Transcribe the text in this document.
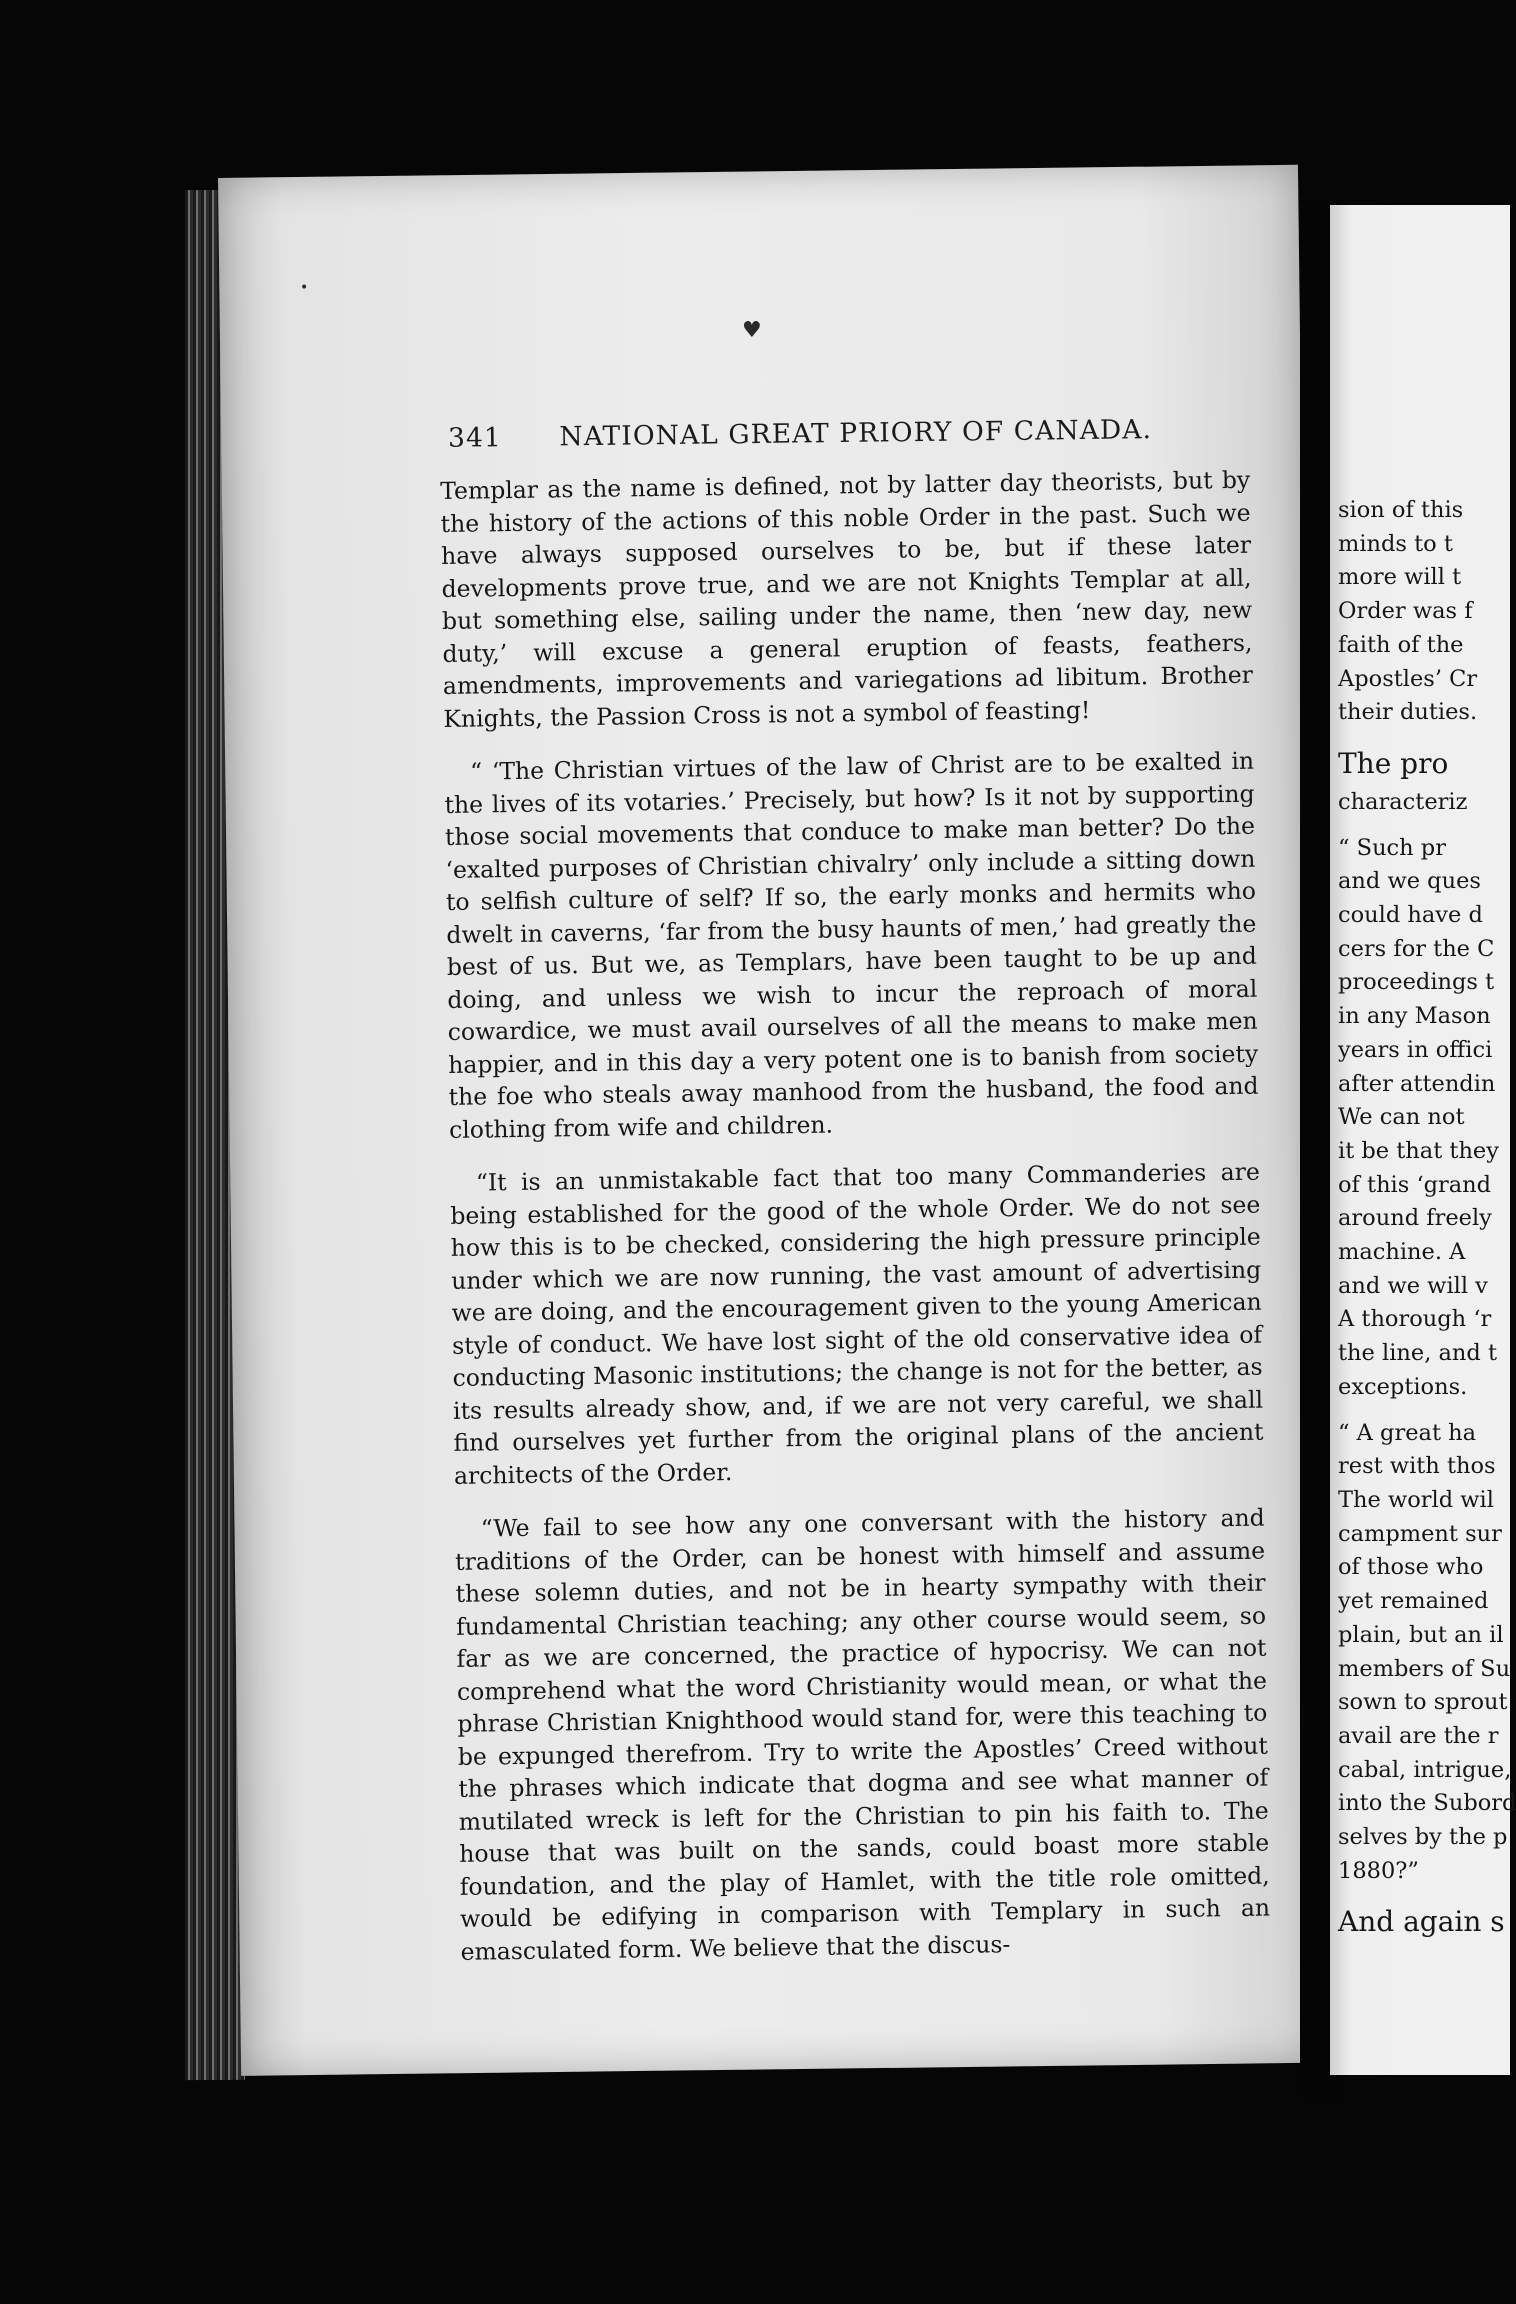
♥
•
341 NATIONAL GREAT PRIORY OF CANADA.

Templar as the name is defined, not by latter day theorists, but by the history of the actions of this noble Order in the past. Such we have always supposed ourselves to be, but if these later developments prove true, and we are not Knights Templar at all, but something else, sailing under the name, then ‘new day, new duty,’ will excuse a general eruption of feasts, feathers, amendments, improvements and variegations ad libitum. Brother Knights, the Passion Cross is not a symbol of feasting!

“ ‘The Christian virtues of the law of Christ are to be exalted in the lives of its votaries.’ Precisely, but how? Is it not by supporting those social movements that conduce to make man better? Do the ‘exalted purposes of Christian chivalry’ only include a sitting down to selfish culture of self? If so, the early monks and hermits who dwelt in caverns, ‘far from the busy haunts of men,’ had greatly the best of us. But we, as Templars, have been taught to be up and doing, and unless we wish to incur the reproach of moral cowardice, we must avail ourselves of all the means to make men happier, and in this day a very potent one is to banish from society the foe who steals away manhood from the husband, the food and clothing from wife and children.

“It is an unmistakable fact that too many Commanderies are being established for the good of the whole Order. We do not see how this is to be checked, considering the high pressure principle under which we are now running, the vast amount of advertising we are doing, and the encouragement given to the young American style of conduct. We have lost sight of the old conservative idea of conducting Masonic institutions; the change is not for the better, as its results already show, and, if we are not very careful, we shall find ourselves yet further from the original plans of the ancient architects of the Order.

“We fail to see how any one conversant with the history and traditions of the Order, can be honest with himself and assume these solemn duties, and not be in hearty sympathy with their fundamental Christian teaching; any other course would seem, so far as we are concerned, the practice of hypocrisy. We can not comprehend what the word Christianity would mean, or what the phrase Christian Knighthood would stand for, were this teaching to be expunged therefrom. Try to write the Apostles’ Creed without the phrases which indicate that dogma and see what manner of mutilated wreck is left for the Christian to pin his faith to. The house that was built on the sands, could boast more stable foundation, and the play of Hamlet, with the title role omitted, would be edifying in comparison with Templary in such an emasculated form. We believe that the discus-

sion of this
minds to t
more will t
Order was f
faith of the
Apostles’ Cr
their duties.
The pro
characteriz
“ Such pr
and we ques
could have d
cers for the C
proceedings t
in any Mason
years in offici
after attendin
We can not
it be that they
of this ‘grand
around freely
machine. A
and we will v
A thorough ‘r
the line, and t
exceptions.
“ A great ha
rest with thos
The world wil
campment sur
of those who
yet remained
plain, but an il
members of Su
sown to sprout
avail are the r
cabal, intrigue,
into the Subord
selves by the p
1880?”
And again s
